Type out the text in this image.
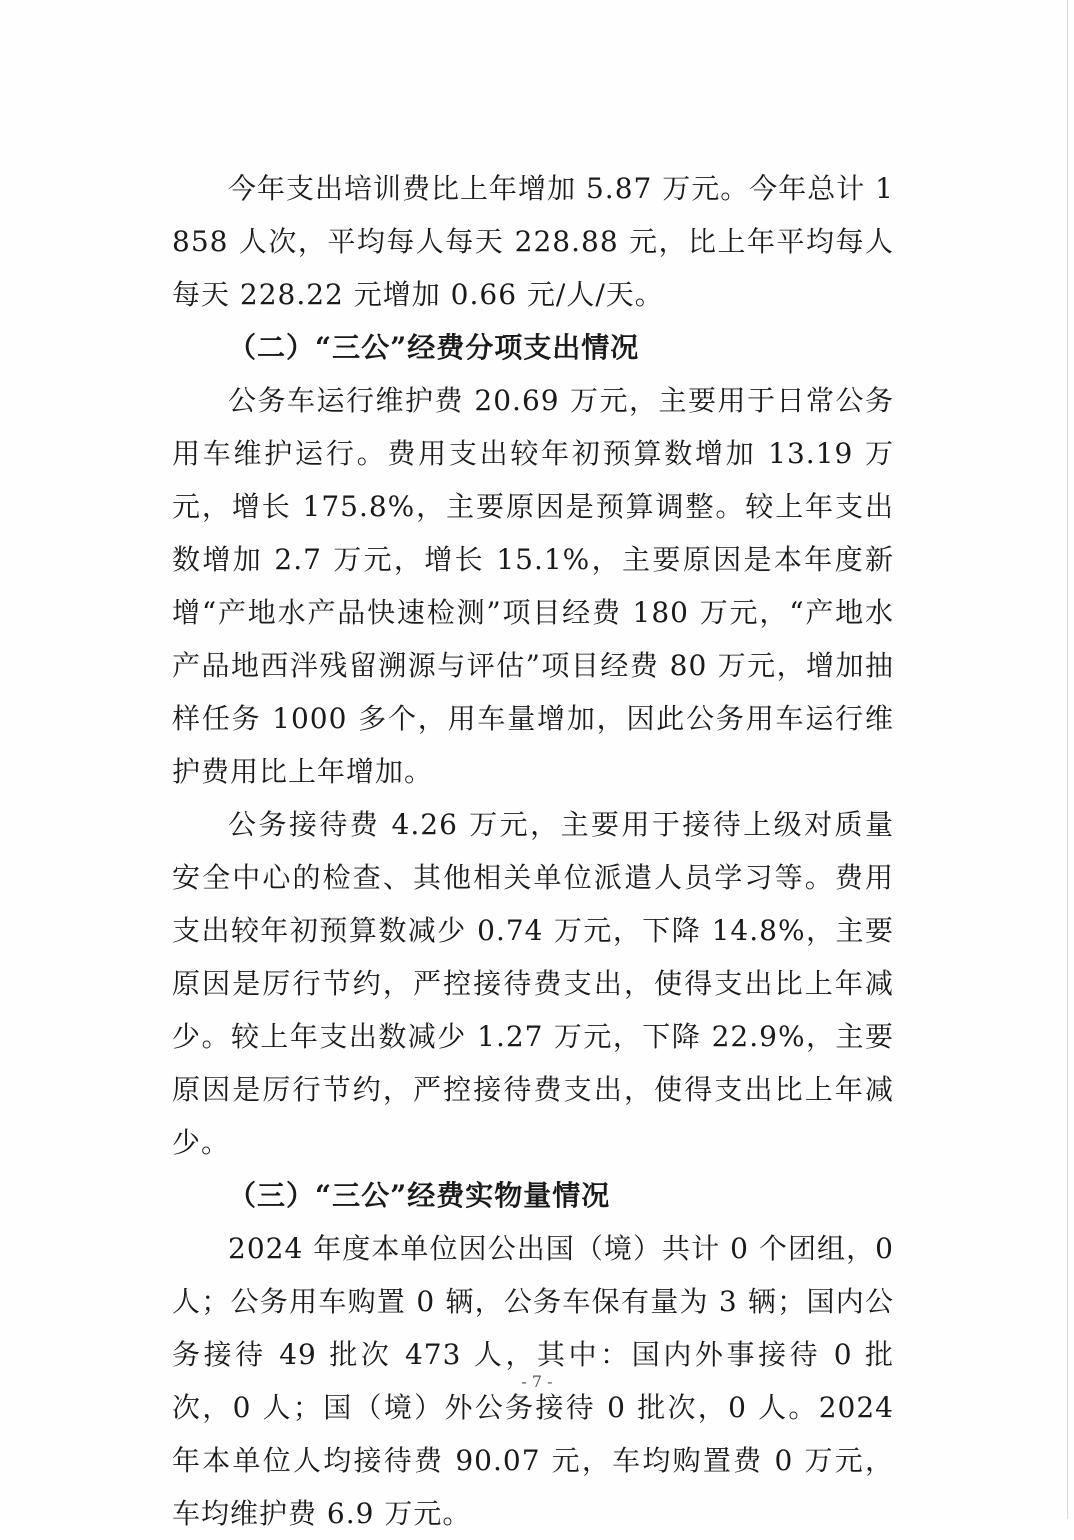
今年支出培训费比上年增加 5.87 万元。今年总计 1858 人次，平均每人每天 228.88 元，比上年平均每人每天 228.22 元增加 0.66 元/人/天。

（二）“三公”经费分项支出情况

公务车运行维护费 20.69 万元，主要用于日常公务用车维护运行。费用支出较年初预算数增加 13.19 万元，增长 175.8%，主要原因是预算调整。较上年支出数增加 2.7 万元，增长 15.1%，主要原因是本年度新增“产地水产品快速检测”项目经费 180 万元，“产地水产品地西泮残留溯源与评估”项目经费 80 万元，增加抽样任务 1000 多个，用车量增加，因此公务用车运行维护费用比上年增加。

公务接待费 4.26 万元，主要用于接待上级对质量安全中心的检查、其他相关单位派遣人员学习等。费用支出较年初预算数减少 0.74 万元，下降 14.8%，主要原因是厉行节约，严控接待费支出，使得支出比上年减少。较上年支出数减少 1.27 万元，下降 22.9%，主要原因是厉行节约，严控接待费支出，使得支出比上年减少。

（三）“三公”经费实物量情况

2024 年度本单位因公出国（境）共计 0 个团组，0 人；公务用车购置 0 辆，公务车保有量为 3 辆；国内公务接待 49 批次 473 人，其中：国内外事接待 0 批次，0 人；国（境）外公务接待 0 批次，0 人。2024 年本单位人均接待费 90.07 元，车均购置费 0 万元，车均维护费 6.9 万元。

- 7 -
